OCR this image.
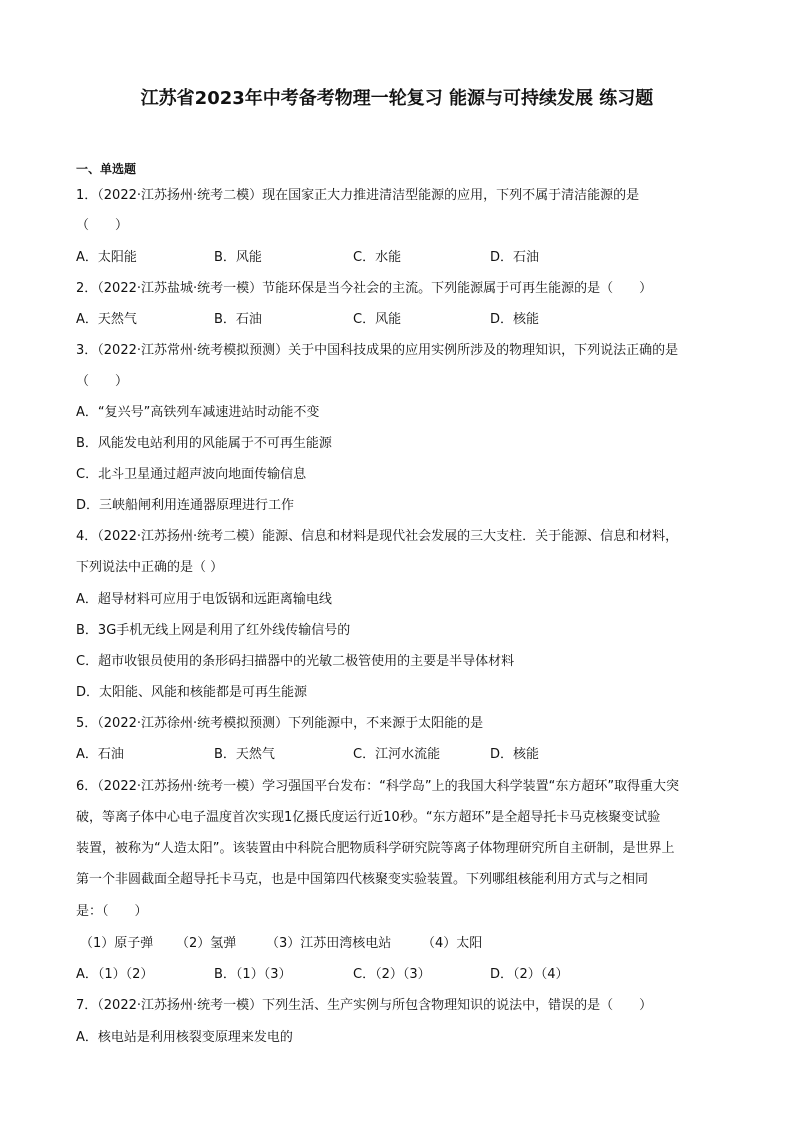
江苏省2023年中考备考物理一轮复习 能源与可持续发展 练习题
一、单选题
1．（2022·江苏扬州·统考二模）现在国家正大力推进清洁型能源的应用，下列不属于清洁能源的是
（　　）
A．太阳能	B．风能	C．水能	D．石油
2．（2022·江苏盐城·统考一模）节能环保是当今社会的主流。下列能源属于可再生能源的是（　　）
A．天然气	B．石油	C．风能	D．核能
3．（2022·江苏常州·统考模拟预测）关于中国科技成果的应用实例所涉及的物理知识，下列说法正确的是
（　　）
A．“复兴号”高铁列车减速进站时动能不变
B．风能发电站利用的风能属于不可再生能源
C．北斗卫星通过超声波向地面传输信息
D．三峡船闸利用连通器原理进行工作
4．（2022·江苏扬州·统考二模）能源、信息和材料是现代社会发展的三大支柱．关于能源、信息和材料，
下列说法中正确的是（ ）
A．超导材料可应用于电饭锅和远距离输电线
B．3G手机无线上网是利用了红外线传输信号的
C．超市收银员使用的条形码扫描器中的光敏二极管使用的主要是半导体材料
D．太阳能、风能和核能都是可再生能源
5．（2022·江苏徐州·统考模拟预测）下列能源中，不来源于太阳能的是
A．石油	B．天然气	C．江河水流能	D．核能
6．（2022·江苏扬州·统考一模）学习强国平台发布：“科学岛”上的我国大科学装置“东方超环”取得重大突
破，等离子体中心电子温度首次实现1亿摄氏度运行近10秒。“东方超环”是全超导托卡马克核聚变试验
装置，被称为“人造太阳”。该装置由中科院合肥物质科学研究院等离子体物理研究所自主研制，是世界上
第一个非圆截面全超导托卡马克，也是中国第四代核聚变实验装置。下列哪组核能利用方式与之相同
是：（　　）
（1）原子弹 （2）氢弹 （3）江苏田湾核电站 （4）太阳
A．（1）（2）	B．（1）（3）	C．（2）（3）	D．（2）（4）
7．（2022·江苏扬州·统考一模）下列生活、生产实例与所包含物理知识的说法中，错误的是（　　）
A．核电站是利用核裂变原理来发电的
